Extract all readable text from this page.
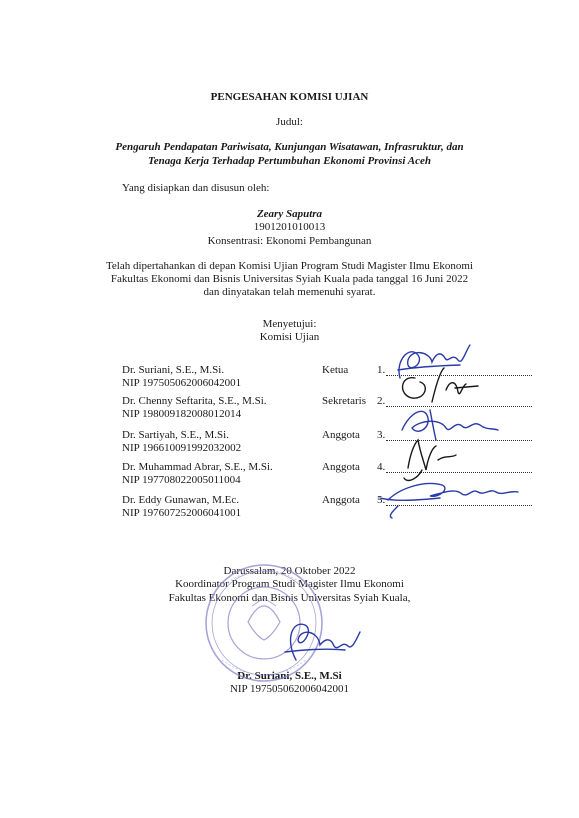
PENGESAHAN KOMISI UJIAN
Judul:
Pengaruh Pendapatan Pariwisata, Kunjungan Wisatawan, Infrasruktur, dan
Tenaga Kerja Terhadap Pertumbuhan Ekonomi Provinsi Aceh
Yang disiapkan dan disusun oleh:
Zeary Saputra
1901201010013
Konsentrasi: Ekonomi Pembangunan
Telah dipertahankan di depan Komisi Ujian Program Studi Magister Ilmu Ekonomi
Fakultas Ekonomi dan Bisnis Universitas Syiah Kuala pada tanggal 16 Juni 2022
dan dinyatakan telah memenuhi syarat.
Menyetujui:
Komisi Ujian
Dr. Suriani, S.E., M.Si.
NIP 197505062006042001
Ketua	1.
Dr. Chenny Seftarita, S.E., M.Si.
NIP 198009182008012014
Sekretaris 2.
Dr. Sartiyah, S.E., M.Si.
NIP 196610091992032002
Anggota 3.
Dr. Muhammad Abrar, S.E., M.Si.
NIP 197708022005011004
Anggota 4.
Dr. Eddy Gunawan, M.Ec.
NIP 197607252006041001
Anggota 5.
Darussalam, 20 Oktober 2022
Koordinator Program Studi Magister Ilmu Ekonomi
Fakultas Ekonomi dan Bisnis Universitas Syiah Kuala,
Dr. Suriani, S.E., M.Si
NIP 197505062006042001
